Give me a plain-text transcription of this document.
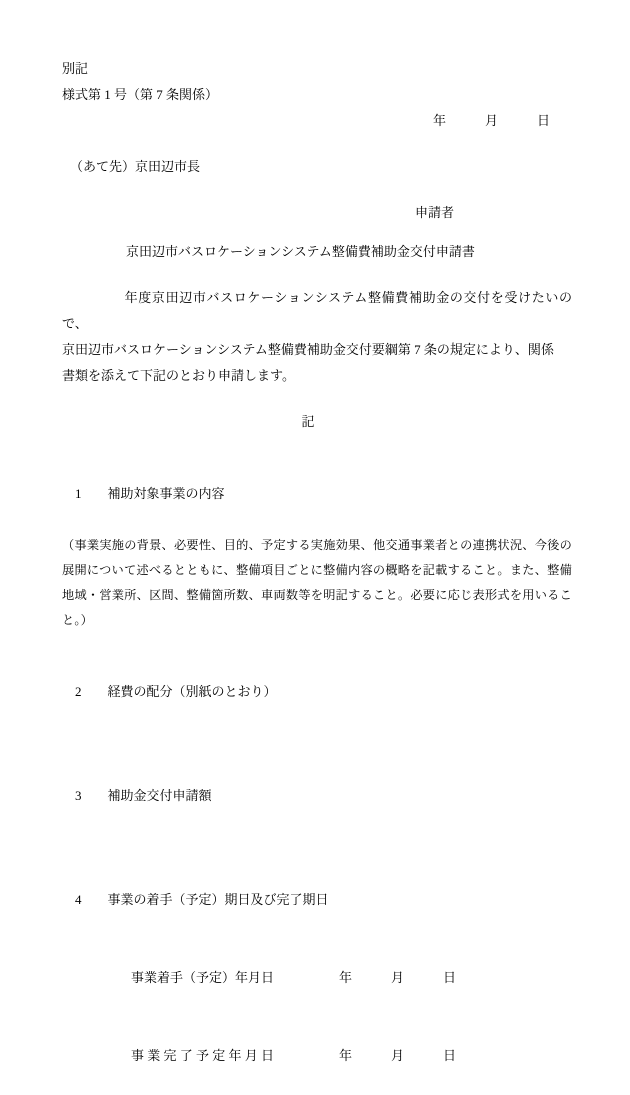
別記
様式第 1 号（第 7 条関係）
年　　　月　　　日
（あて先）京田辺市長
申請者
京田辺市バスロケーションシステム整備費補助金交付申請書
年度京田辺市バスロケーションシステム整備費補助金の交付を受けたいので、
京田辺市バスロケーションシステム整備費補助金交付要綱第 7 条の規定により、関係
書類を添えて下記のとおり申請します。
記

1　　 補助対象事業の内容

（事業実施の背景、必要性、目的、予定する実施効果、他交通事業者との連携状況、今後の展開について述べるとともに、整備項目ごとに整備内容の概略を記載すること。また、整備地域・営業所、区間、整備箇所数、車両数等を明記すること。必要に応じ表形式を用いること。）

2　　 経費の配分（別紙のとおり）

3　　 補助金交付申請額

4　　 事業の着手（予定）期日及び完了期日

　　事業着手（予定）年月日　　　　　	年　　　月　　　日

　　事 業 完 了 予 定 年 月 日　　　　　	年　　　月　　　日
